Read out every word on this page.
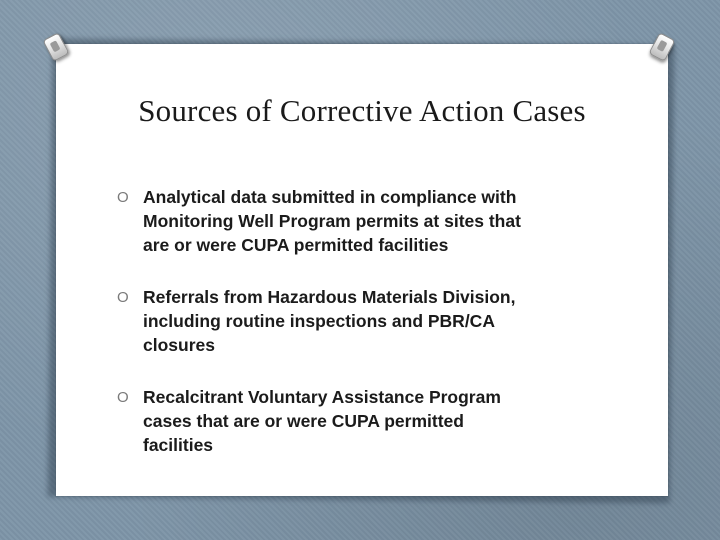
Sources of Corrective Action Cases
O Analytical data submitted in compliance with
Monitoring Well Program permits at sites that
are or were CUPA permitted facilities
O Referrals from Hazardous Materials Division,
including routine inspections and PBR/CA
closures
O Recalcitrant Voluntary Assistance Program
cases that are or were CUPA permitted
facilities
